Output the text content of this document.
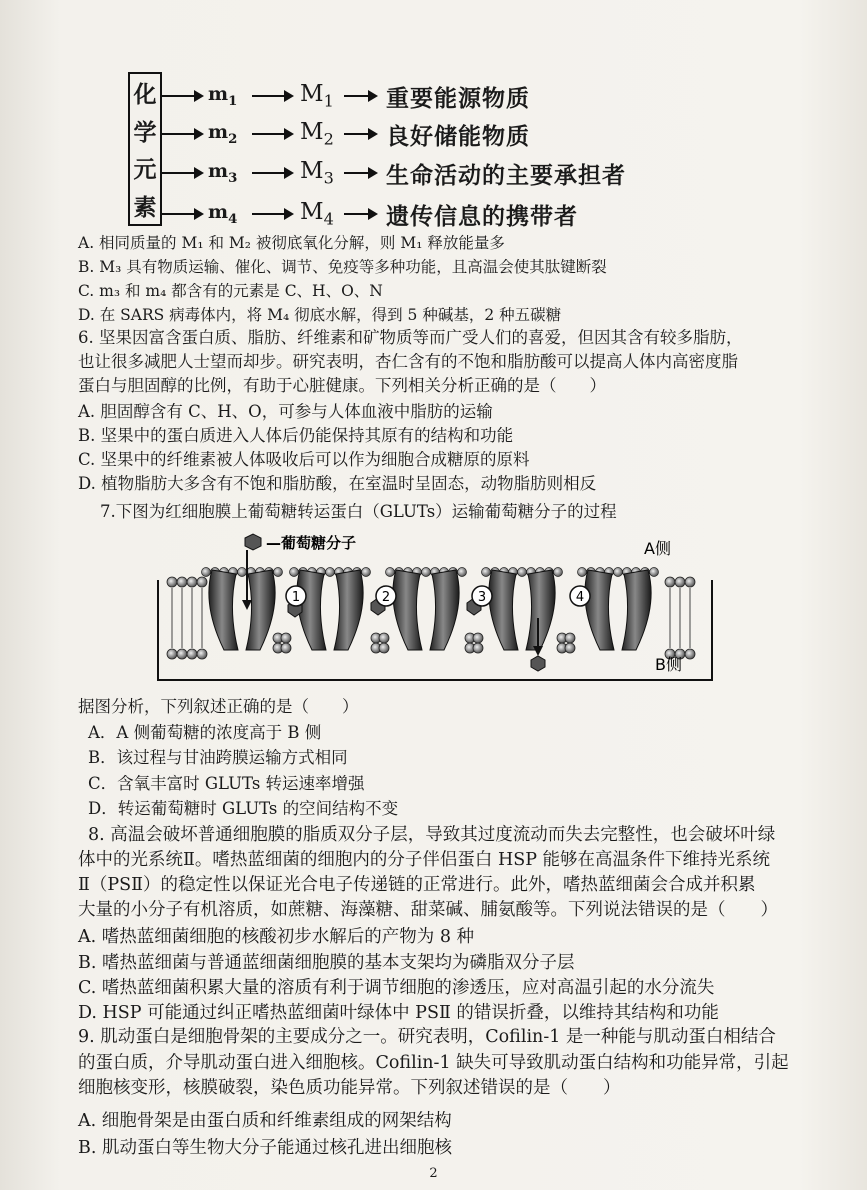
化
学
元
素
$m_1$	$M_1$	重要能源物质
$m_2$	$M_2$	良好储能物质
$m_3$	$M_3$	生命活动的主要承担者
$m_4$	$M_4$	遗传信息的携带者
A. 相同质量的 M₁ 和 M₂ 被彻底氧化分解，则 M₁ 释放能量多
B. M₃ 具有物质运输、催化、调节、免疫等多种功能，且高温会使其肽键断裂
C. m₃ 和 m₄ 都含有的元素是 C、H、O、N
D. 在 SARS 病毒体内，将 M₄ 彻底水解，得到 5 种碱基，2 种五碳糖
6. 坚果因富含蛋白质、脂肪、纤维素和矿物质等而广受人们的喜爱，但因其含有较多脂肪，
也让很多减肥人士望而却步。研究表明，杏仁含有的不饱和脂肪酸可以提高人体内高密度脂
蛋白与胆固醇的比例，有助于心脏健康。下列相关分析正确的是（　　）
A. 胆固醇含有 C、H、O，可参与人体血液中脂肪的运输
B. 坚果中的蛋白质进入人体后仍能保持其原有的结构和功能
C. 坚果中的纤维素被人体吸收后可以作为细胞合成糖原的原料
D. 植物脂肪大多含有不饱和脂肪酸，在室温时呈固态，动物脂肪则相反
7.下图为红细胞膜上葡萄糖转运蛋白（GLUTs）运输葡萄糖分子的过程
—葡萄糖分子	A侧
B侧
1	2	3	4
据图分析，下列叙述正确的是（　　）
A．A 侧葡萄糖的浓度高于 B 侧
B．该过程与甘油跨膜运输方式相同
C．含氧丰富时 GLUTs 转运速率增强
D．转运葡萄糖时 GLUTs 的空间结构不变
8. 高温会破坏普通细胞膜的脂质双分子层，导致其过度流动而失去完整性，也会破坏叶绿
体中的光系统Ⅱ。嗜热蓝细菌的细胞内的分子伴侣蛋白 HSP 能够在高温条件下维持光系统
Ⅱ（PSⅡ）的稳定性以保证光合电子传递链的正常进行。此外，嗜热蓝细菌会合成并积累
大量的小分子有机溶质，如蔗糖、海藻糖、甜菜碱、脯氨酸等。下列说法错误的是（　　）
A. 嗜热蓝细菌细胞的核酸初步水解后的产物为 8 种
B. 嗜热蓝细菌与普通蓝细菌细胞膜的基本支架均为磷脂双分子层
C. 嗜热蓝细菌积累大量的溶质有利于调节细胞的渗透压，应对高温引起的水分流失
D. HSP 可能通过纠正嗜热蓝细菌叶绿体中 PSⅡ 的错误折叠，以维持其结构和功能
9. 肌动蛋白是细胞骨架的主要成分之一。研究表明，Cofilin-1 是一种能与肌动蛋白相结合
的蛋白质，介导肌动蛋白进入细胞核。Cofilin-1 缺失可导致肌动蛋白结构和功能异常，引起
细胞核变形，核膜破裂，染色质功能异常。下列叙述错误的是（　　）
A. 细胞骨架是由蛋白质和纤维素组成的网架结构
B. 肌动蛋白等生物大分子能通过核孔进出细胞核
2
